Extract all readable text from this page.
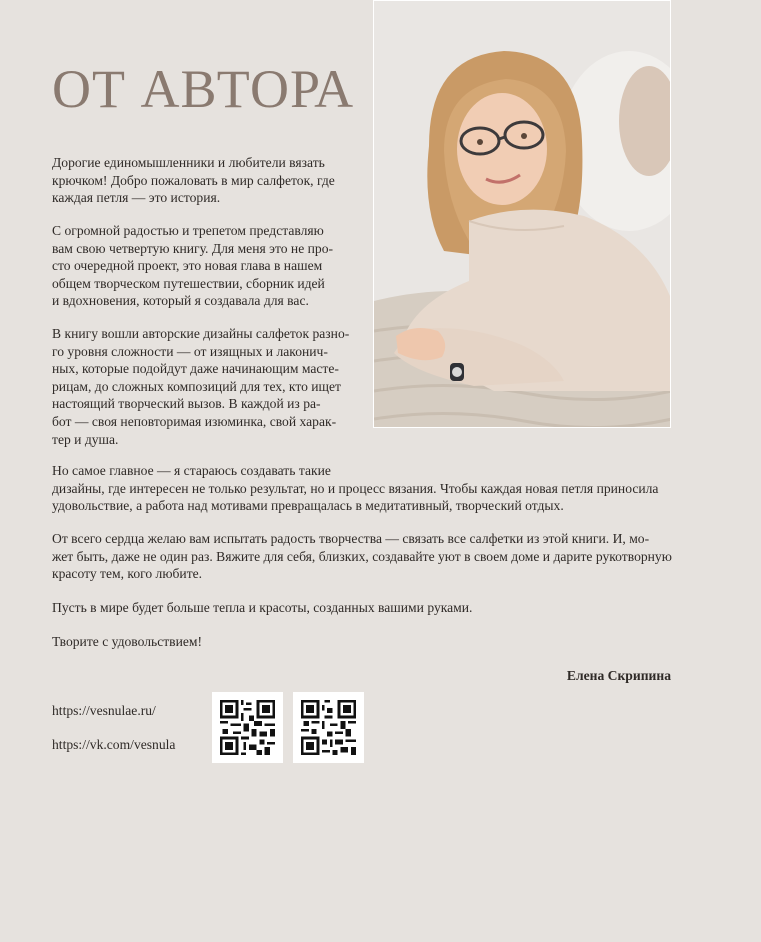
ОТ АВТОРА

Дорогие единомышленники и любители вязать
крючком! Добро пожаловать в мир салфеток, где
каждая петля — это история.

С огромной радостью и трепетом представляю
вам свою четвертую книгу. Для меня это не про-
сто очередной проект, это новая глава в нашем
общем творческом путешествии, сборник идей
и вдохновения, который я создавала для вас.

В книгу вошли авторские дизайны салфеток разно-
го уровня сложности — от изящных и лаконич-
ных, которые подойдут даже начинающим масте-
рицам, до сложных композиций для тех, кто ищет
настоящий творческий вызов. В каждой из ра-
бот — своя неповторимая изюминка, свой харак-
тер и душа.

Но самое главное — я стараюсь создавать такие
дизайны, где интересен не только результат, но и процесс вязания. Чтобы каждая новая петля приносила
удовольствие, а работа над мотивами превращалась в медитативный, творческий отдых.

От всего сердца желаю вам испытать радость творчества — связать все салфетки из этой книги. И, мо-
жет быть, даже не один раз. Вяжите для себя, близких, создавайте уют в своем доме и дарите рукотворную
красоту тем, кого любите.

Пусть в мире будет больше тепла и красоты, созданных вашими руками.

Творите с удовольствием!

Елена Скрипина
https://vesnulae.ru/
https://vk.com/vesnula
